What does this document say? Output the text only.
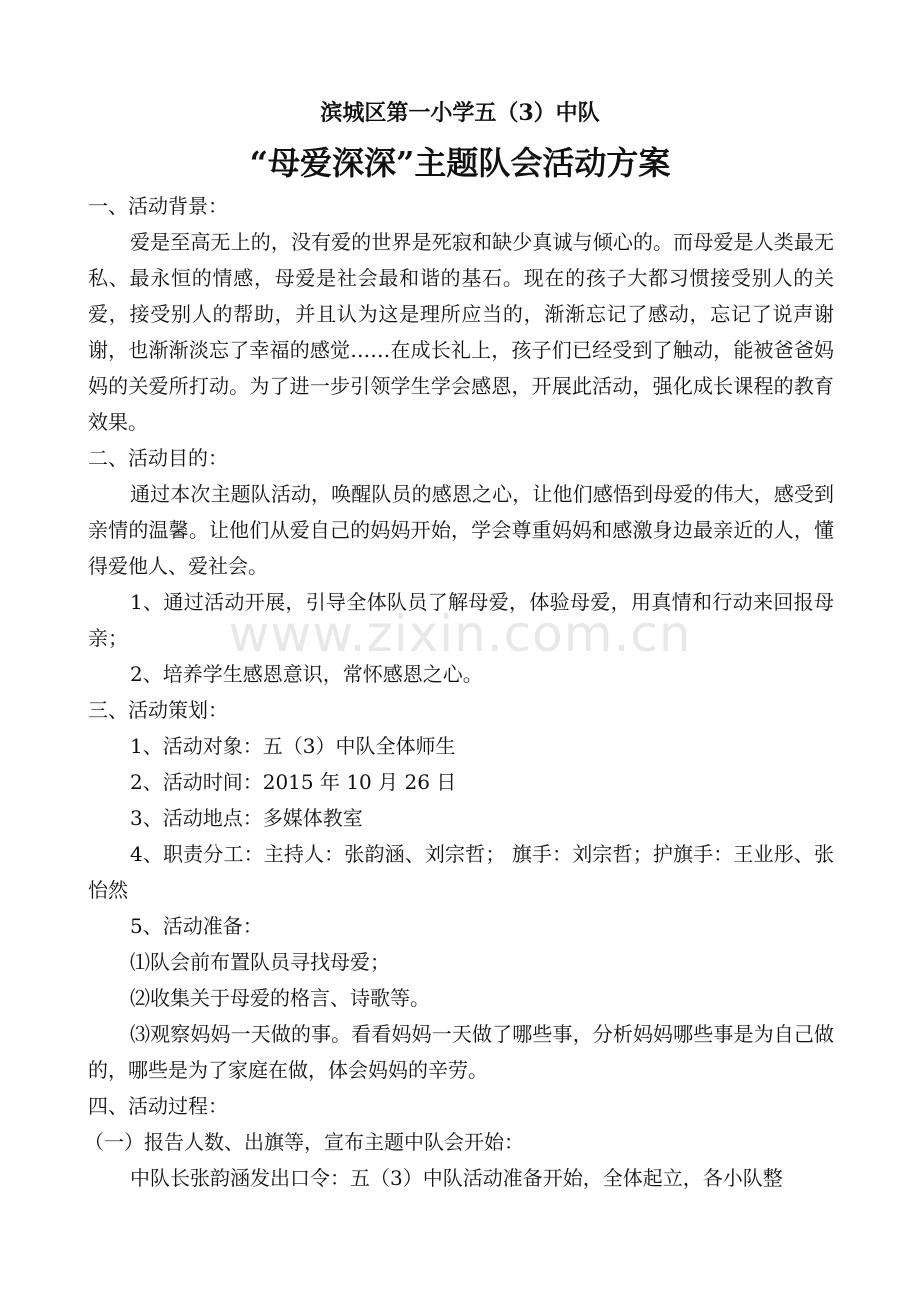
滨城区第一小学五（3）中队
“母爱深深”主题队会活动方案

一、活动背景：

爱是至高无上的，没有爱的世界是死寂和缺少真诚与倾心的。而母爱是人类最无私、最永恒的情感，母爱是社会最和谐的基石。现在的孩子大都习惯接受别人的关爱，接受别人的帮助，并且认为这是理所应当的，渐渐忘记了感动，忘记了说声谢谢，也渐渐淡忘了幸福的感觉……在成长礼上，孩子们已经受到了触动，能被爸爸妈妈的关爱所打动。为了进一步引领学生学会感恩，开展此活动，强化成长课程的教育效果。

二、活动目的：

通过本次主题队活动，唤醒队员的感恩之心，让他们感悟到母爱的伟大，感受到亲情的温馨。让他们从爱自己的妈妈开始，学会尊重妈妈和感激身边最亲近的人，懂得爱他人、爱社会。

1、通过活动开展，引导全体队员了解母爱，体验母爱，用真情和行动来回报母亲；

2、培养学生感恩意识，常怀感恩之心。

三、活动策划：

1、活动对象：五（3）中队全体师生

2、活动时间：2015 年 10 月 26 日

3、活动地点：多媒体教室

4、职责分工：主持人：张韵涵、刘宗哲； 旗手：刘宗哲；护旗手：王业彤、张怡然

5、活动准备：

⑴队会前布置队员寻找母爱；

⑵收集关于母爱的格言、诗歌等。

⑶观察妈妈一天做的事。看看妈妈一天做了哪些事，分析妈妈哪些事是为自己做的，哪些是为了家庭在做，体会妈妈的辛劳。

四、活动过程：

（一）报告人数、出旗等，宣布主题中队会开始：

中队长张韵涵发出口令：五（3）中队活动准备开始，全体起立，各小队整

www.zixin.com.cn
